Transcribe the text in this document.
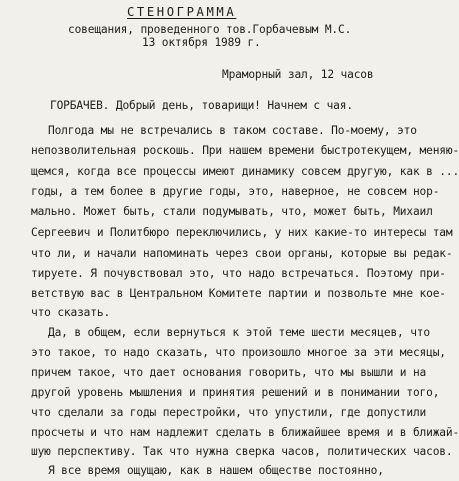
СТЕНОГРАММА
совещания, проведенного тов.Горбачевым М.С.
13 октября 1989 г.
Мраморный зал, 12 часов
ГОРБАЧЕВ. Добрый день, товарищи! Начнем с чая.
Полгода мы не встречались в таком составе. По-моему, это
непозволительная роскошь. При нашем времени быстротекущем, меняю-
щемся, когда все процессы имеют динамику совсем другую, как в ...
годы, а тем более в другие годы, это, наверное, не совсем нор-
мально. Может быть, стали подумывать, что, может быть, Михаил
Сергеевич и Политбюро переключились, у них какие-то интересы там
что ли, и начали напоминать через свои органы, которые вы редак-
тируете. Я почувствовал это, что надо встречаться. Поэтому при-
ветствую вас в Центральном Комитете партии и позвольте мне кое-
что сказать.
Да, в общем, если вернуться к этой теме шести месяцев, что
это такое, то надо сказать, что произошло многое за эти месяцы,
причем такое, что дает основания говорить, что мы вышли и на
другой уровень мышления и принятия решений и в понимании того,
что сделали за годы перестройки, что упустили, где допустили
просчеты и что нам надлежит сделать в ближайшее время и в ближай-
шую перспективу. Так что нужна сверка часов, политических часов.
Я все время ощущаю, как в нашем обществе постоянно,
